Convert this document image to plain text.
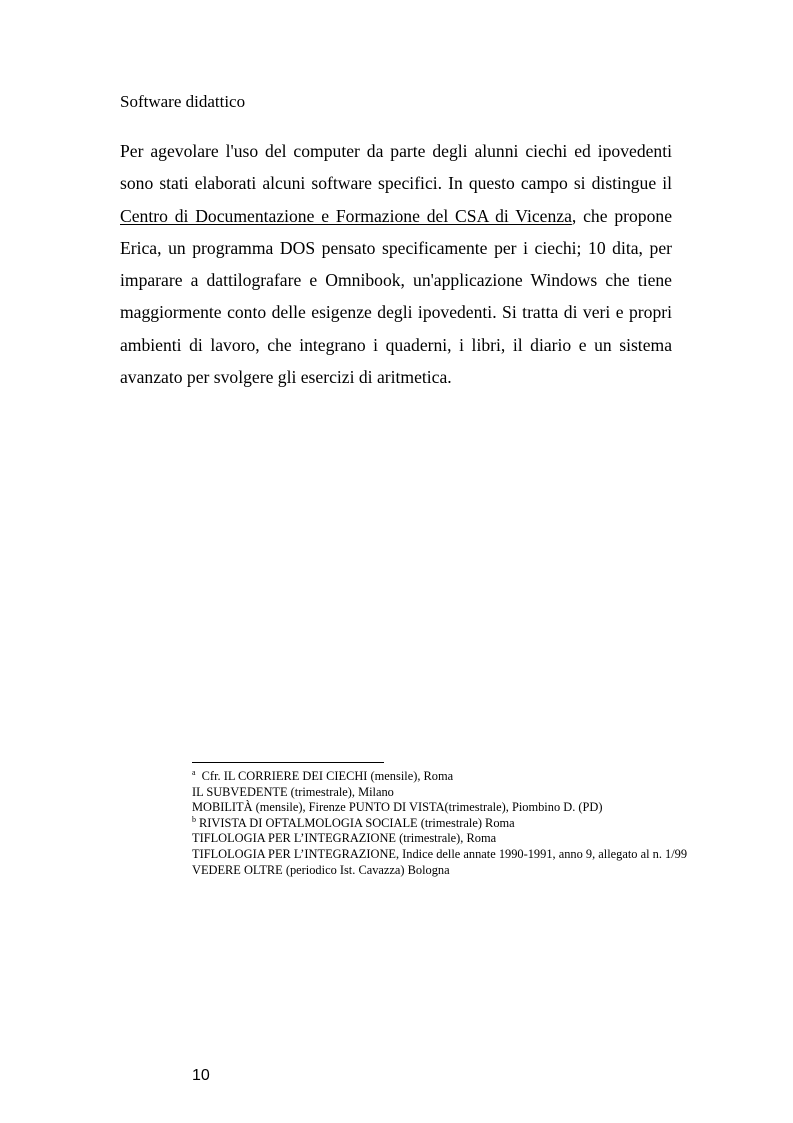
Software didattico

Per agevolare l'uso del computer da parte degli alunni ciechi ed ipovedenti sono stati elaborati alcuni software specifici. In questo campo si distingue il Centro di Documentazione e Formazione del CSA di Vicenza, che propone Erica, un programma DOS pensato specificamente per i ciechi; 10 dita, per imparare a dattilografare e Omnibook, un'applicazione Windows che tiene maggiormente conto delle esigenze degli ipovedenti. Si tratta di veri e propri ambienti di lavoro, che integrano i quaderni, i libri, il diario e un sistema avanzato per svolgere gli esercizi di aritmetica.

$^a$ Cfr. IL CORRIERE DEI CIECHI (mensile), Roma
IL SUBVEDENTE (trimestrale), Milano
MOBILITÀ (mensile), Firenze PUNTO DI VISTA(trimestrale), Piombino D. (PD)
$^b$ RIVISTA DI OFTALMOLOGIA SOCIALE (trimestrale) Roma
TIFLOLOGIA PER L’INTEGRAZIONE (trimestrale), Roma
TIFLOLOGIA PER L’INTEGRAZIONE, Indice delle annate 1990-1991, anno 9, allegato al n. 1/99
VEDERE OLTRE (periodico Ist. Cavazza) Bologna
10
